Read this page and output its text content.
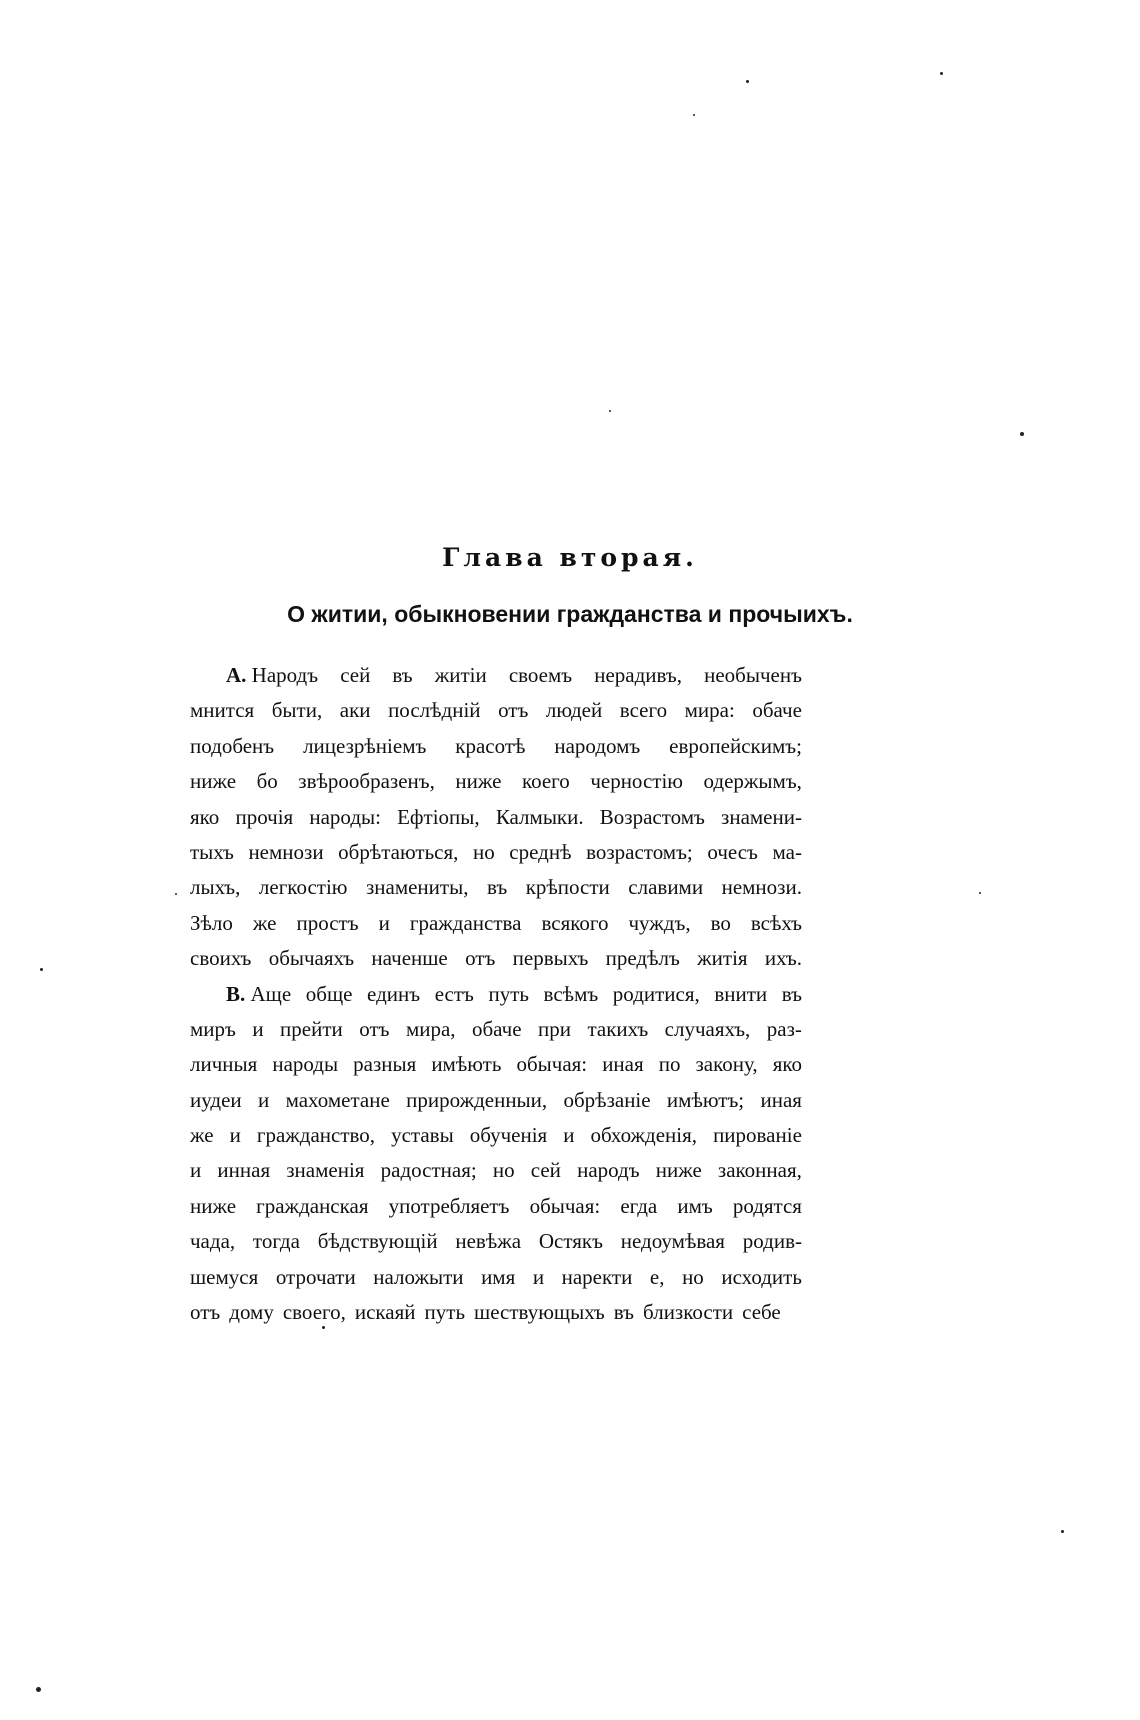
Глава вторая.
О житии, обыкновении гражданства и прочыихъ.
А.
Народъ сей въ житiи своемъ нерадивъ, необыченъ
мнится быти, аки послѣднiй отъ людей всего мира: обаче
подобенъ лицезрѣнiемъ красотѣ народомъ европейскимъ;
ниже бо звѣрообразенъ, ниже коего черностiю одержымъ,
яко прочiя народы: Ефтiопы, Калмыки. Возрастомъ знамени-
тыхъ немнози обрѣтаються, но среднѣ возрастомъ; очесъ ма-
лыхъ, легкостiю знамениты, въ крѣпости славими немнози.
Зѣло же простъ и гражданства всякого чуждъ, во всѣхъ
своихъ обычаяхъ наченше отъ первыхъ предѣлъ житiя ихъ.
В.
Аще обще единъ естъ путь всѣмъ родитися, внити въ
миръ и прейти отъ мира, обаче при такихъ случаяхъ, раз-
личныя народы разныя имѣють обычая: иная по закону, яко
иудеи и махометане прирожденныи, обрѣзанiе имѣютъ; иная
же и гражданство, уставы обученiя и обхожденiя, пированiе
и инная знаменiя радостная; но сей народъ ниже законная,
ниже гражданская употребляетъ обычая: егда имъ родятся
чада, тогда бѣдствующiй невѣжа Остякъ недоумѣвая родив-
шемуся отрочати наложыти имя и наректи е, но исходить
отъ дому своего, искаяй путь шествующыхъ въ близкости себе
